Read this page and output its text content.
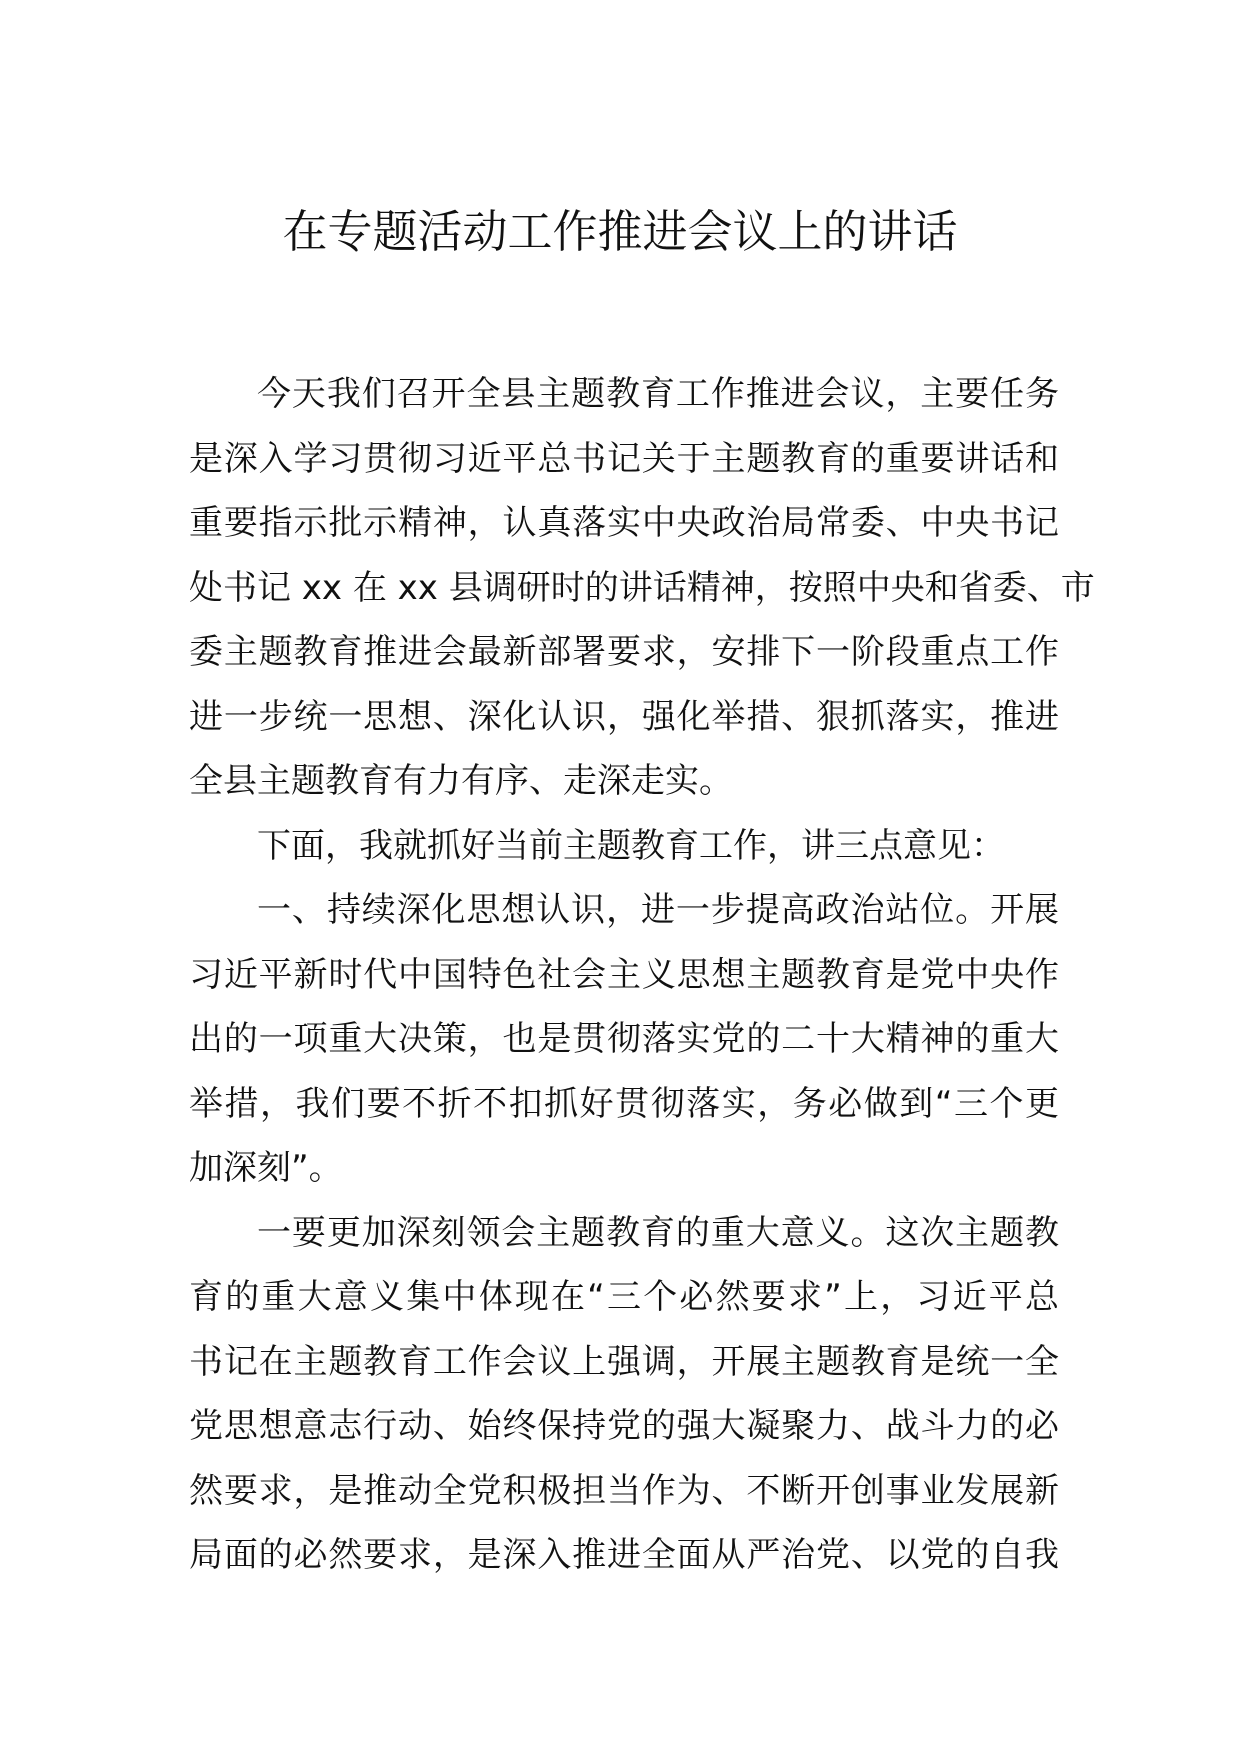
在专题活动工作推进会议上的讲话

今天我们召开全县主题教育工作推进会议，主要任务
是深入学习贯彻习近平总书记关于主题教育的重要讲话和
重要指示批示精神，认真落实中央政治局常委、中央书记
处书记 xx 在 xx 县调研时的讲话精神，按照中央和省委、市
委主题教育推进会最新部署要求，安排下一阶段重点工作
进一步统一思想、深化认识，强化举措、狠抓落实，推进
全县主题教育有力有序、走深走实。

下面，我就抓好当前主题教育工作，讲三点意见：

一、持续深化思想认识，进一步提高政治站位。开展
习近平新时代中国特色社会主义思想主题教育是党中央作
出的一项重大决策，也是贯彻落实党的二十大精神的重大
举措，我们要不折不扣抓好贯彻落实，务必做到“三个更
加深刻”。

一要更加深刻领会主题教育的重大意义。这次主题教
育的重大意义集中体现在“三个必然要求”上，习近平总
书记在主题教育工作会议上强调，开展主题教育是统一全
党思想意志行动、始终保持党的强大凝聚力、战斗力的必
然要求，是推动全党积极担当作为、不断开创事业发展新
局面的必然要求，是深入推进全面从严治党、以党的自我
